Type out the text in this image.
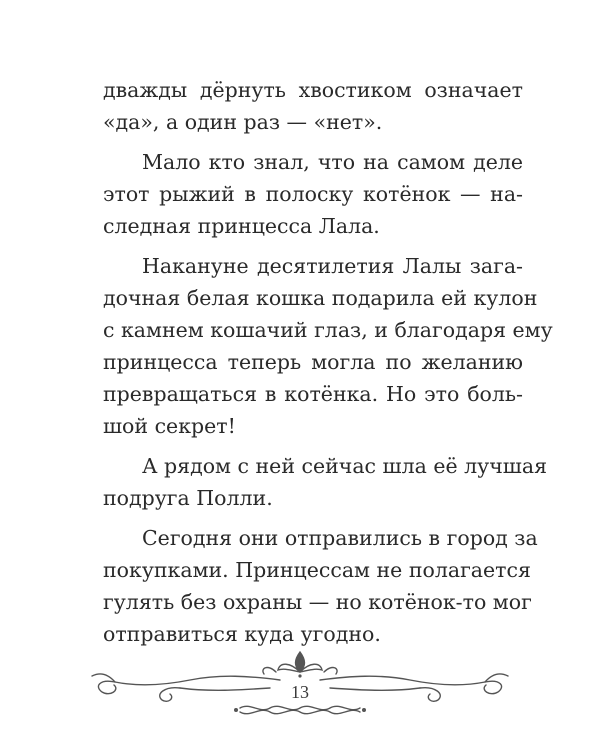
дважды дёрнуть хвостиком означает
«да», а один раз — «нет».
Мало кто знал, что на самом деле
этот рыжий в полоску котёнок — на-
следная принцесса Лала.
Накануне десятилетия Лалы зага-
дочная белая кошка подарила ей кулон
с камнем кошачий глаз, и благодаря ему
принцесса теперь могла по желанию
превращаться в котёнка. Но это боль-
шой секрет!
А рядом с ней сейчас шла её лучшая
подруга Полли.
Сегодня они отправились в город за
покупками. Принцессам не полагается
гулять без охраны — но котёнок-то мог
отправиться куда угодно.
13
